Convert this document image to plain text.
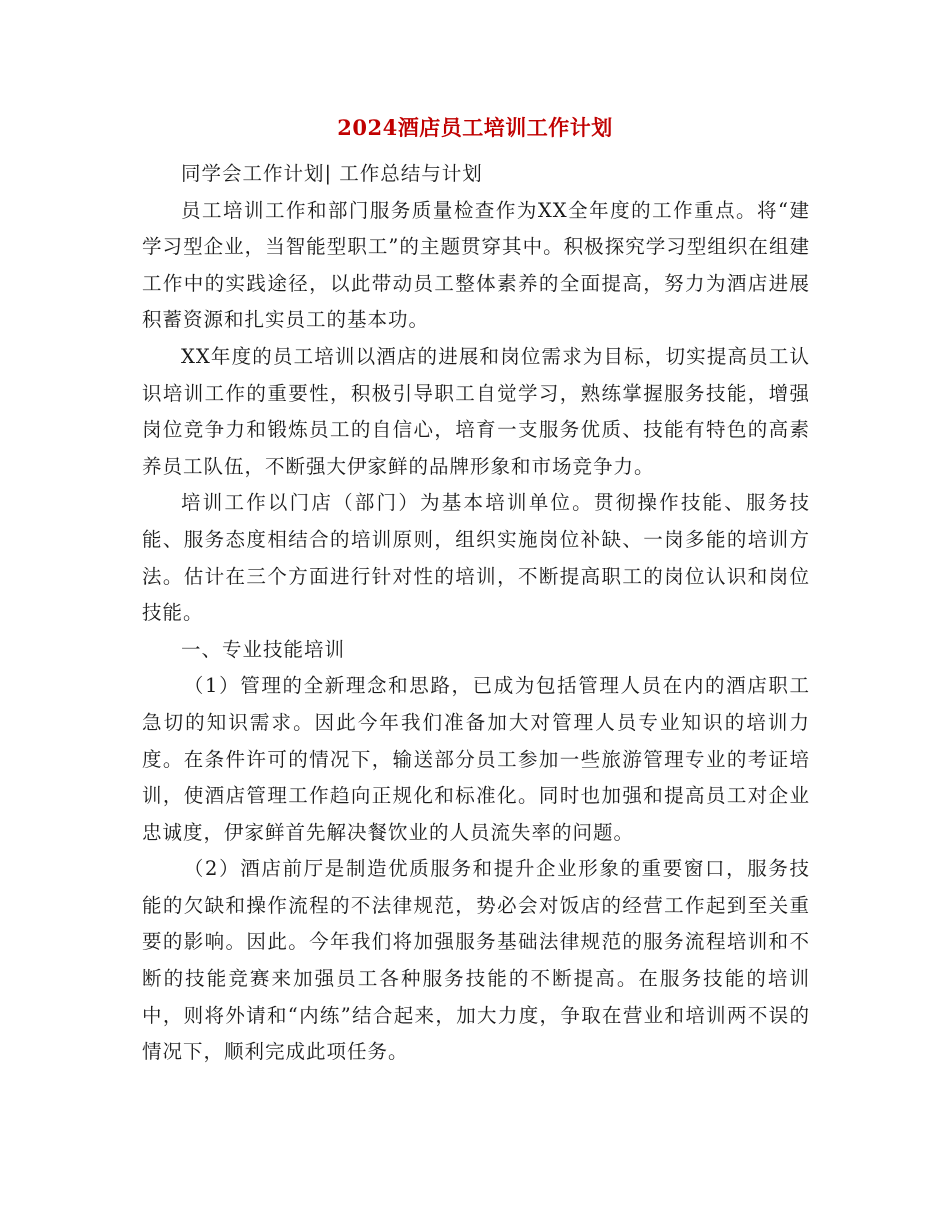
2024酒店员工培训工作计划

同学会工作计划| 工作总结与计划

员工培训工作和部门服务质量检查作为XX全年度的工作重点。将“建学习型企业，当智能型职工”的主题贯穿其中。积极探究学习型组织在组建工作中的实践途径，以此带动员工整体素养的全面提高，努力为酒店进展积蓄资源和扎实员工的基本功。

XX年度的员工培训以酒店的进展和岗位需求为目标，切实提高员工认识培训工作的重要性，积极引导职工自觉学习，熟练掌握服务技能，增强岗位竞争力和锻炼员工的自信心，培育一支服务优质、技能有特色的高素养员工队伍，不断强大伊家鲜的品牌形象和市场竞争力。

培训工作以门店（部门）为基本培训单位。贯彻操作技能、服务技能、服务态度相结合的培训原则，组织实施岗位补缺、一岗多能的培训方法。估计在三个方面进行针对性的培训，不断提高职工的岗位认识和岗位技能。

一、专业技能培训

（1）管理的全新理念和思路，已成为包括管理人员在内的酒店职工急切的知识需求。因此今年我们准备加大对管理人员专业知识的培训力度。在条件许可的情况下，输送部分员工参加一些旅游管理专业的考证培训，使酒店管理工作趋向正规化和标准化。同时也加强和提高员工对企业忠诚度，伊家鲜首先解决餐饮业的人员流失率的问题。

（2）酒店前厅是制造优质服务和提升企业形象的重要窗口，服务技能的欠缺和操作流程的不法律规范，势必会对饭店的经营工作起到至关重要的影响。因此。今年我们将加强服务基础法律规范的服务流程培训和不断的技能竞赛来加强员工各种服务技能的不断提高。在服务技能的培训中，则将外请和“内练”结合起来，加大力度，争取在营业和培训两不误的情况下，顺利完成此项任务。
